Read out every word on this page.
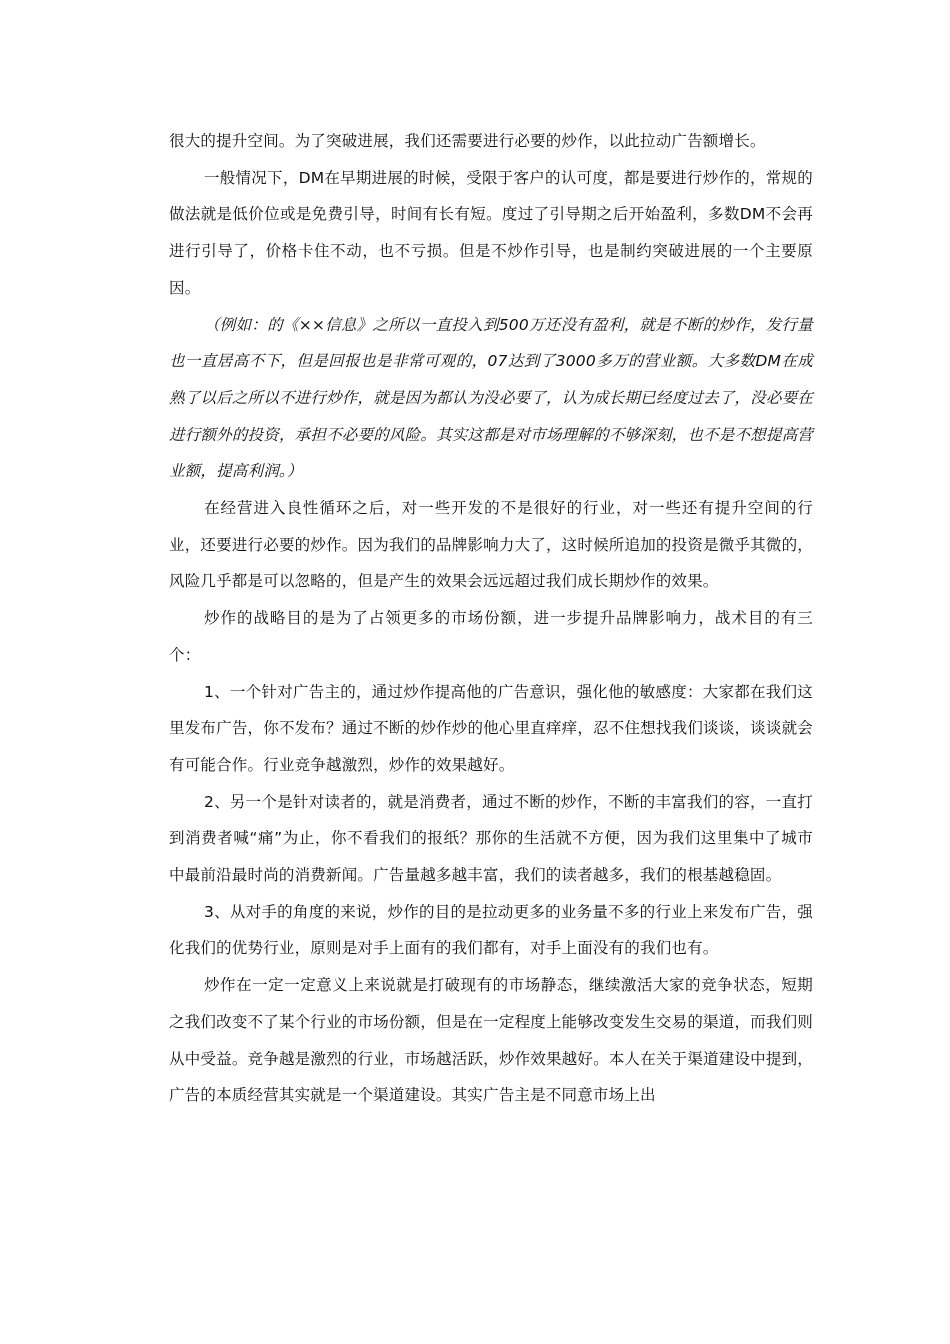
很大的提升空间。为了突破进展，我们还需要进行必要的炒作，以此拉动广告额增长。

一般情况下，DM在早期进展的时候，受限于客户的认可度，都是要进行炒作的，常规的做法就是低价位或是免费引导，时间有长有短。度过了引导期之后开始盈利，多数DM不会再进行引导了，价格卡住不动，也不亏损。但是不炒作引导，也是制约突破进展的一个主要原因。

（例如：的《××信息》之所以一直投入到500万还没有盈利，就是不断的炒作，发行量也一直居高不下，但是回报也是非常可观的，07达到了3000多万的营业额。大多数DM在成熟了以后之所以不进行炒作，就是因为都认为没必要了，认为成长期已经度过去了，没必要在进行额外的投资，承担不必要的风险。其实这都是对市场理解的不够深刻，也不是不想提高营业额，提高利润。）

在经营进入良性循环之后，对一些开发的不是很好的行业，对一些还有提升空间的行业，还要进行必要的炒作。因为我们的品牌影响力大了，这时候所追加的投资是微乎其微的，风险几乎都是可以忽略的，但是产生的效果会远远超过我们成长期炒作的效果。

炒作的战略目的是为了占领更多的市场份额，进一步提升品牌影响力，战术目的有三个：

1、一个针对广告主的，通过炒作提高他的广告意识，强化他的敏感度：大家都在我们这里发布广告，你不发布？通过不断的炒作炒的他心里直痒痒，忍不住想找我们谈谈，谈谈就会有可能合作。行业竞争越激烈，炒作的效果越好。

2、另一个是针对读者的，就是消费者，通过不断的炒作，不断的丰富我们的容，一直打到消费者喊“痛”为止，你不看我们的报纸？那你的生活就不方便，因为我们这里集中了城市中最前沿最时尚的消费新闻。广告量越多越丰富，我们的读者越多，我们的根基越稳固。

3、从对手的角度的来说，炒作的目的是拉动更多的业务量不多的行业上来发布广告，强化我们的优势行业，原则是对手上面有的我们都有，对手上面没有的我们也有。

炒作在一定一定意义上来说就是打破现有的市场静态，继续激活大家的竞争状态，短期之我们改变不了某个行业的市场份额，但是在一定程度上能够改变发生交易的渠道，而我们则从中受益。竞争越是激烈的行业，市场越活跃，炒作效果越好。本人在关于渠道建设中提到，广告的本质经营其实就是一个渠道建设。其实广告主是不同意市场上出
